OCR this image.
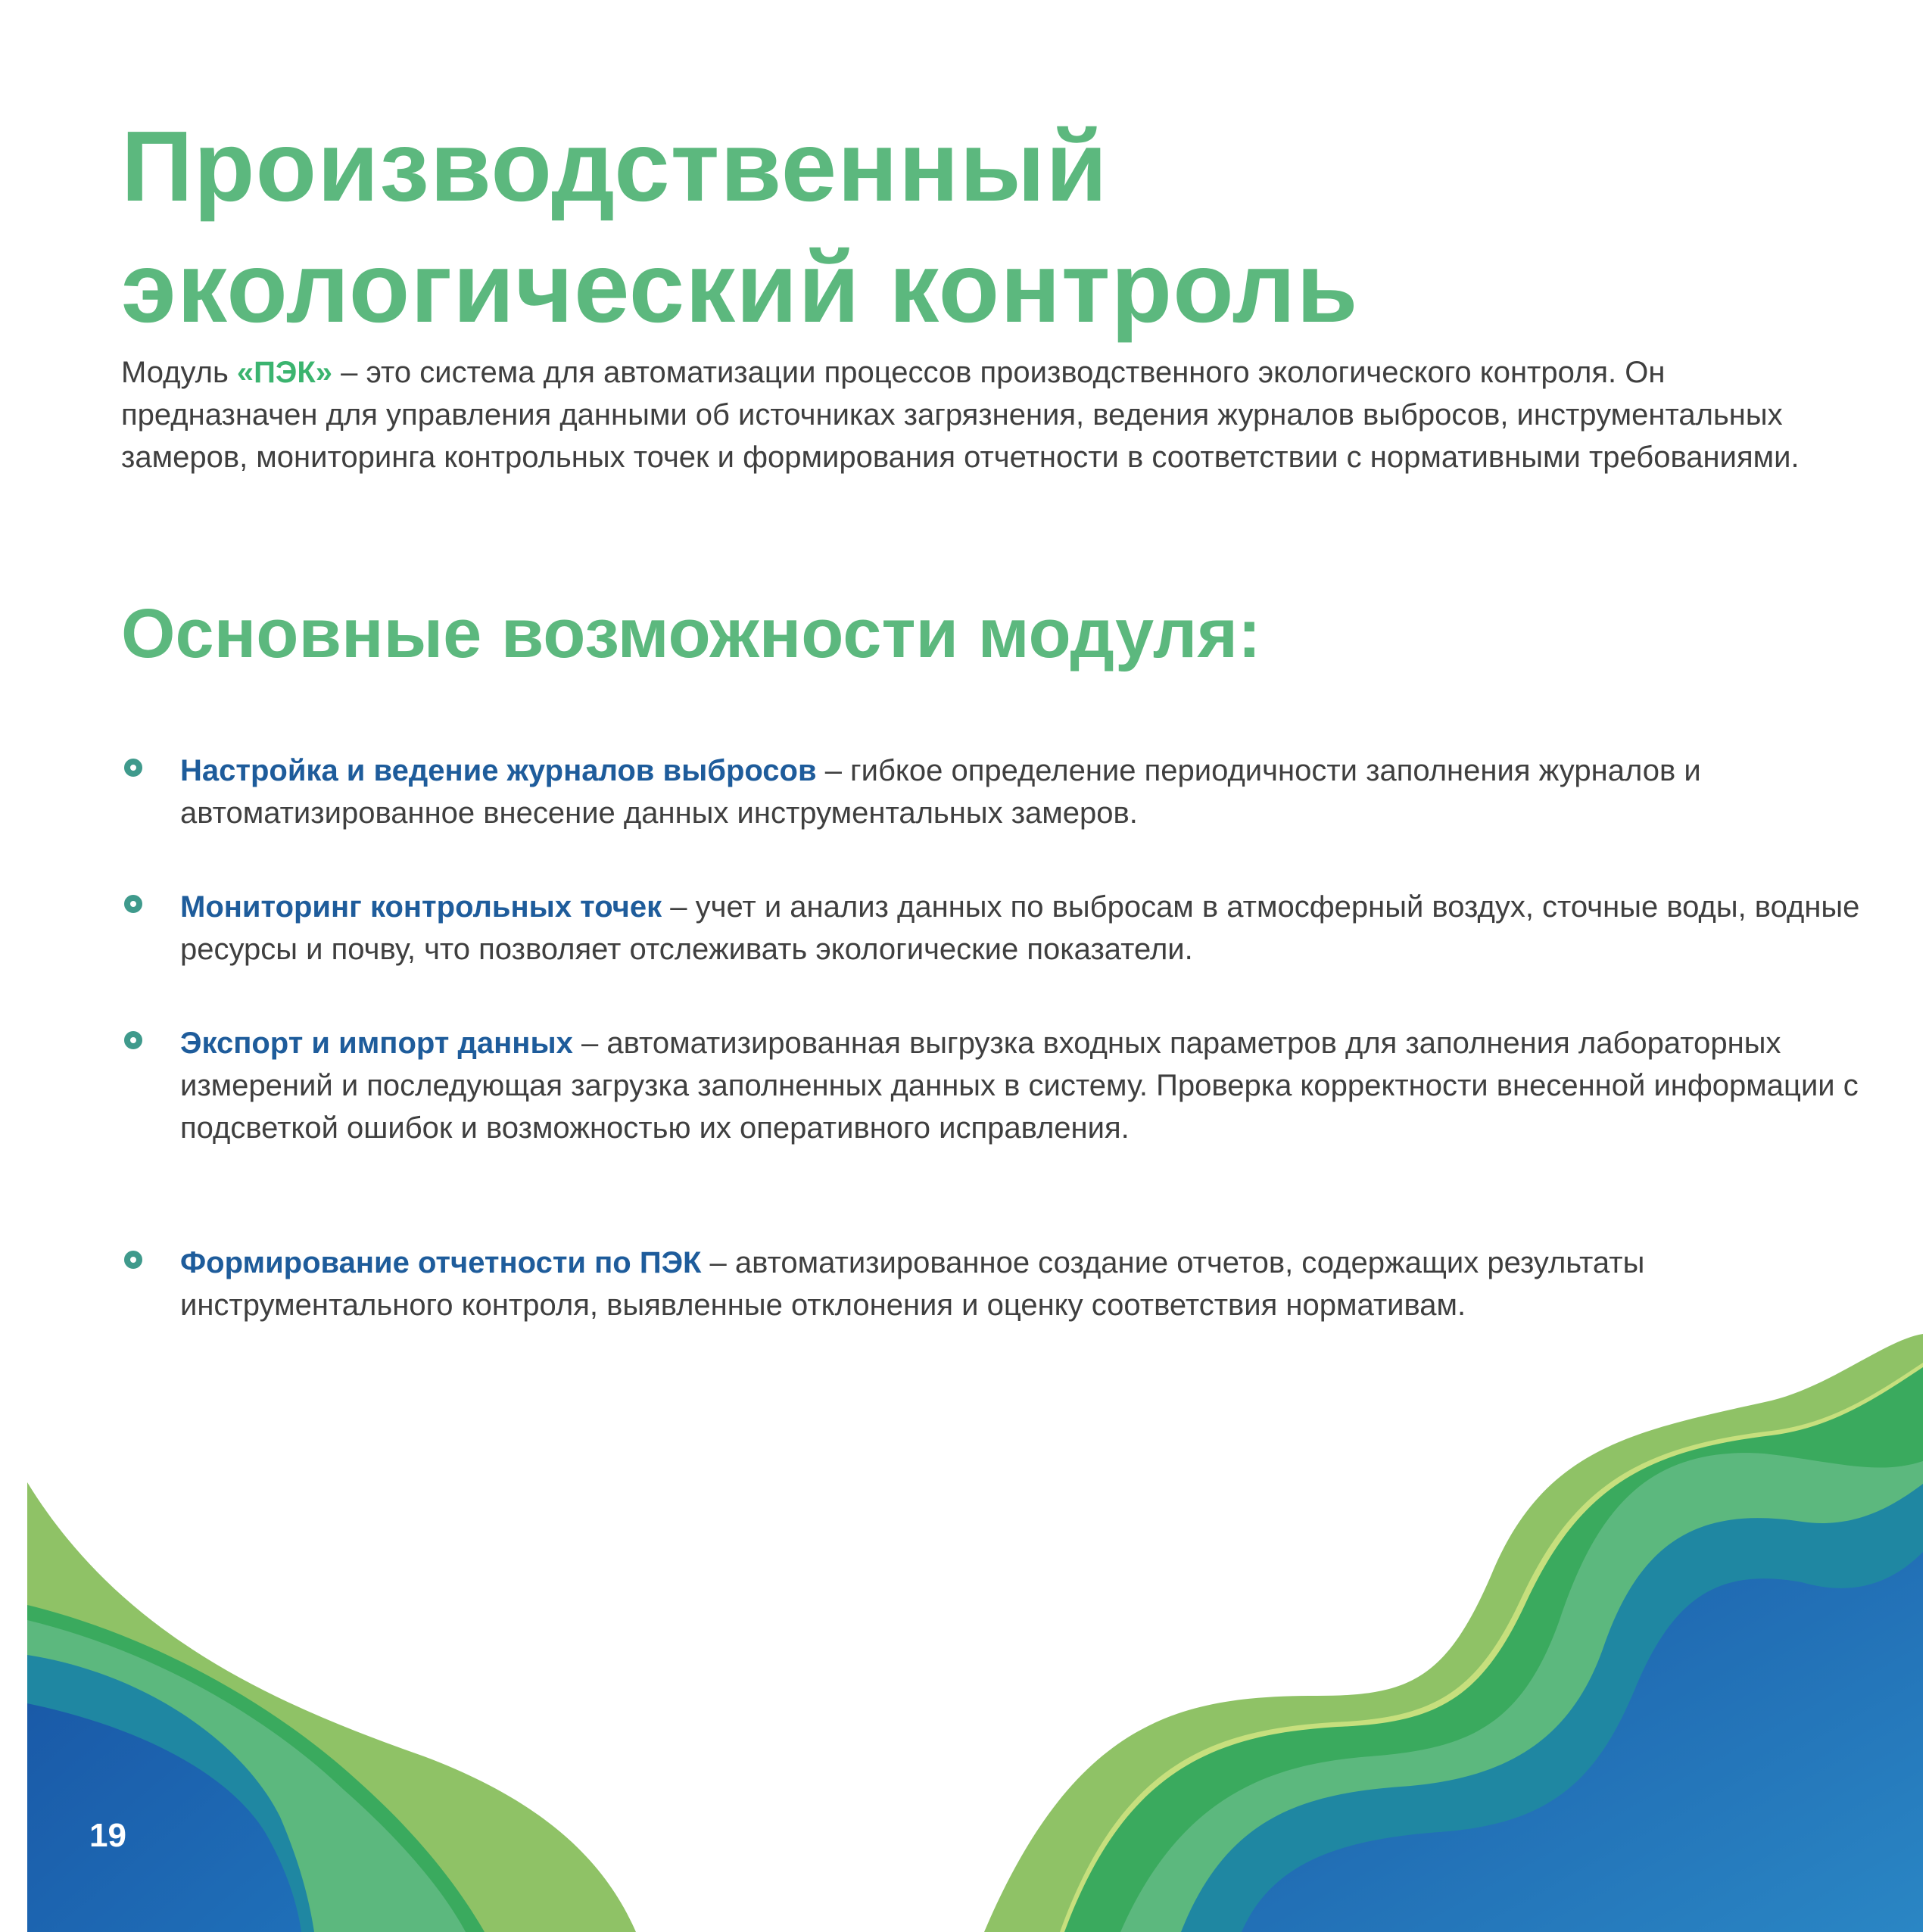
Производственный
экологический контроль

Модуль «ПЭК» – это система для автоматизации процессов производственного экологического контроля. Он предназначен для управления данными об источниках загрязнения, ведения журналов выбросов, инструментальных замеров, мониторинга контрольных точек и формирования отчетности в соответствии с нормативными требованиями.

Основные возможности модуля:

Настройка и ведение журналов выбросов – гибкое определение периодичности заполнения журналов и автоматизированное внесение данных инструментальных замеров.

Мониторинг контрольных точек – учет и анализ данных по выбросам в атмосферный воздух, сточные воды, водные ресурсы и почву, что позволяет отслеживать экологические показатели.

Экспорт и импорт данных – автоматизированная выгрузка входных параметров для заполнения лабораторных измерений и последующая загрузка заполненных данных в систему. Проверка корректности внесенной информации с подсветкой ошибок и возможностью их оперативного исправления.

Формирование отчетности по ПЭК – автоматизированное создание отчетов, содержащих результаты инструментального контроля, выявленные отклонения и оценку соответствия нормативам.

19
